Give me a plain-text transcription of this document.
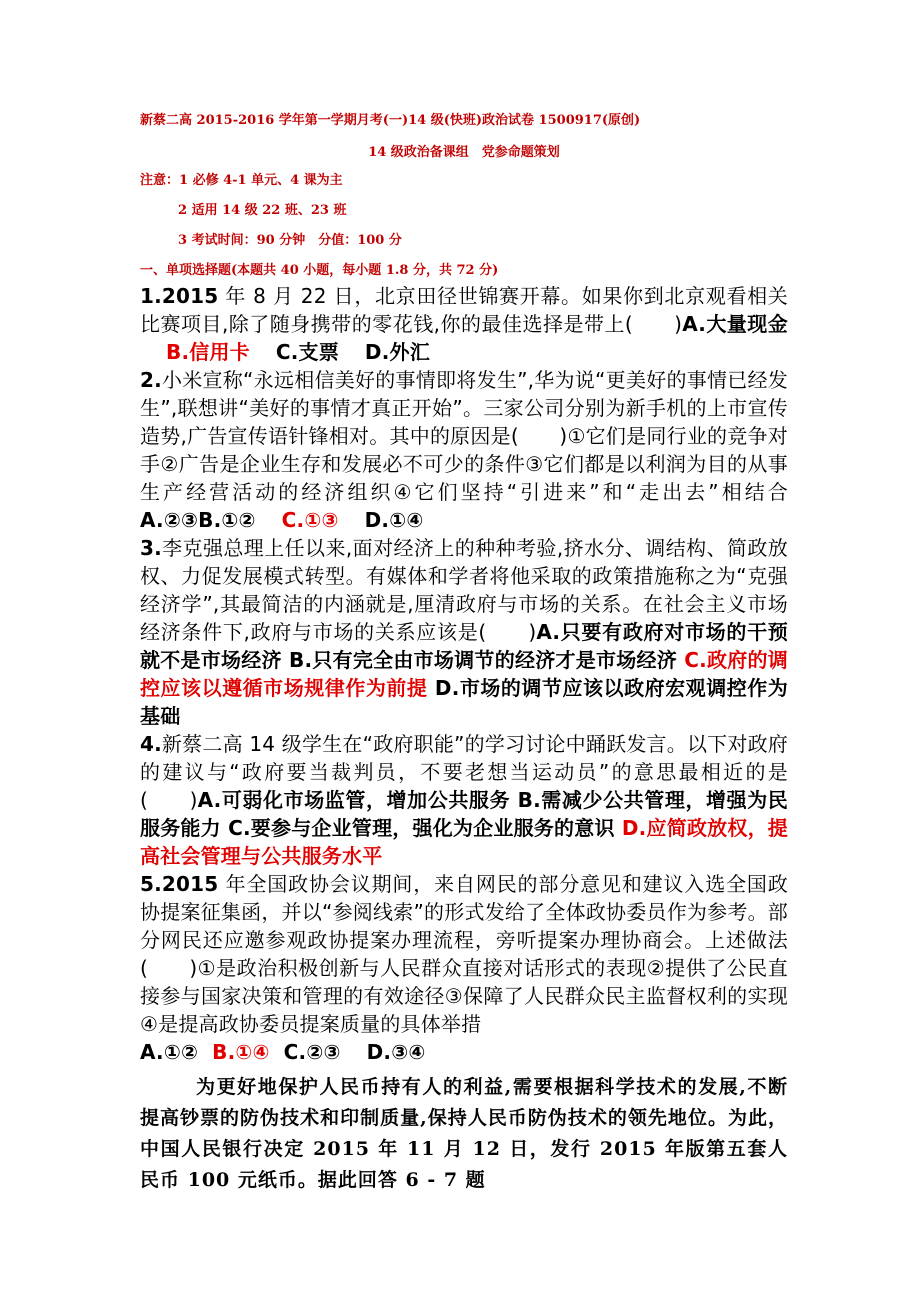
新蔡二高 2015-2016 学年第一学期月考(一)14 级(快班)政治试卷 1500917(原创)
14 级政治备课组　党参命题策划
注意：1 必修 4-1 单元、4 课为主
2 适用 14 级 22 班、23 班
3 考试时间：90 分钟　分值：100 分
一、单项选择题(本题共 40 小题，每小题 1.8 分，共 72 分)

1.2015 年 8 月 22 日，北京田径世锦赛开幕。如果你到北京观看相关比赛项目,除了随身携带的零花钱,你的最佳选择是带上(　　)A.大量现金B.信用卡 C.支票 D.外汇

2.小米宣称“永远相信美好的事情即将发生”,华为说“更美好的事情已经发生”,联想讲“美好的事情才真正开始”。三家公司分别为新手机的上市宣传造势,广告宣传语针锋相对。其中的原因是(　　)①它们是同行业的竞争对手②广告是企业生存和发展必不可少的条件③它们都是以利润为目的从事生产经营活动的经济组织④它们坚持“引进来”和“走出去”相结合 A.②③B.①② C.①③ D.①④

3.李克强总理上任以来,面对经济上的种种考验,挤水分、调结构、简政放权、力促发展模式转型。有媒体和学者将他采取的政策措施称之为“克强经济学”,其最简洁的内涵就是,厘清政府与市场的关系。在社会主义市场经济条件下,政府与市场的关系应该是(　　)A.只要有政府对市场的干预就不是市场经济 B.只有完全由市场调节的经济才是市场经济 C.政府的调控应该以遵循市场规律作为前提 D.市场的调节应该以政府宏观调控作为基础

4.新蔡二高 14 级学生在“政府职能”的学习讨论中踊跃发言。以下对政府的建议与“政府要当裁判员，不要老想当运动员”的意思最相近的是(　　)A.可弱化市场监管，增加公共服务 B.需减少公共管理，增强为民服务能力 C.要参与企业管理，强化为企业服务的意识 D.应简政放权，提高社会管理与公共服务水平

5.2015 年全国政协会议期间，来自网民的部分意见和建议入选全国政协提案征集函，并以“参阅线索”的形式发给了全体政协委员作为参考。部分网民还应邀参观政协提案办理流程，旁听提案办理协商会。上述做法(　　)①是政治积极创新与人民群众直接对话形式的表现②提供了公民直接参与国家决策和管理的有效途径③保障了人民群众民主监督权利的实现 ④是提高政协委员提案质量的具体举措
A.①② B.①④ C.②③ D.③④

为更好地保护人民币持有人的利益,需要根据科学技术的发展,不断提高钞票的防伪技术和印制质量,保持人民币防伪技术的领先地位。为此，中国人民银行决定 2015 年 11 月 12 日，发行 2015 年版第五套人民币 100 元纸币。据此回答 6 - 7 题
